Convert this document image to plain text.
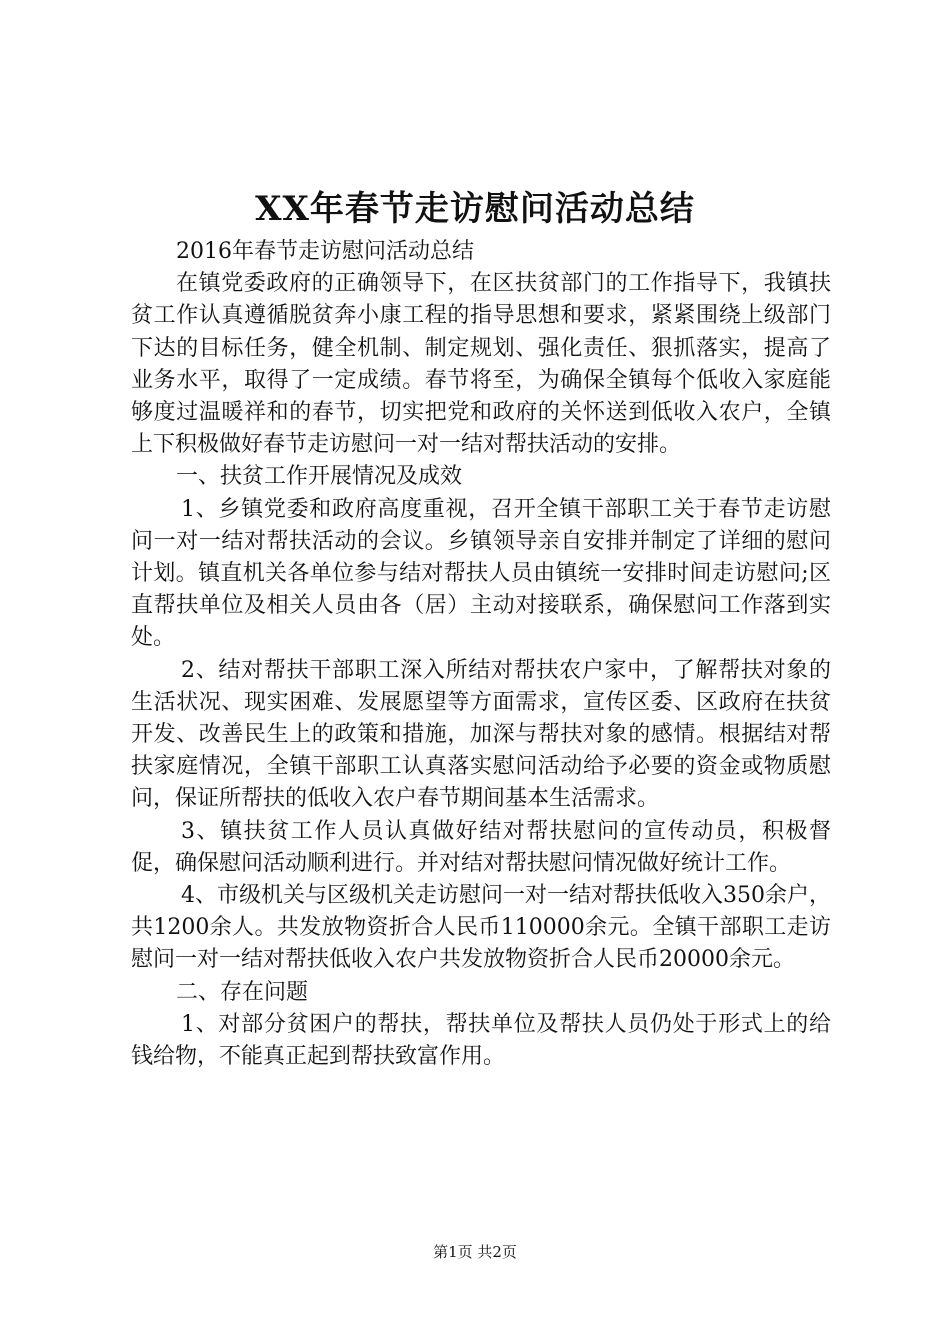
XX年春节走访慰问活动总结

2016年春节走访慰问活动总结

在镇党委政府的正确领导下，在区扶贫部门的工作指导下，我镇扶贫工作认真遵循脱贫奔小康工程的指导思想和要求，紧紧围绕上级部门下达的目标任务，健全机制、制定规划、强化责任、狠抓落实，提高了业务水平，取得了一定成绩。春节将至，为确保全镇每个低收入家庭能够度过温暖祥和的春节，切实把党和政府的关怀送到低收入农户，全镇上下积极做好春节走访慰问一对一结对帮扶活动的安排。

一、扶贫工作开展情况及成效

1、乡镇党委和政府高度重视，召开全镇干部职工关于春节走访慰问一对一结对帮扶活动的会议。乡镇领导亲自安排并制定了详细的慰问计划。镇直机关各单位参与结对帮扶人员由镇统一安排时间走访慰问;区直帮扶单位及相关人员由各（居）主动对接联系，确保慰问工作落到实处。

2、结对帮扶干部职工深入所结对帮扶农户家中，了解帮扶对象的生活状况、现实困难、发展愿望等方面需求，宣传区委、区政府在扶贫开发、改善民生上的政策和措施，加深与帮扶对象的感情。根据结对帮扶家庭情况，全镇干部职工认真落实慰问活动给予必要的资金或物质慰问，保证所帮扶的低收入农户春节期间基本生活需求。

3、镇扶贫工作人员认真做好结对帮扶慰问的宣传动员，积极督促，确保慰问活动顺利进行。并对结对帮扶慰问情况做好统计工作。

4、市级机关与区级机关走访慰问一对一结对帮扶低收入350余户，共1200余人。共发放物资折合人民币110000余元。全镇干部职工走访慰问一对一结对帮扶低收入农户共发放物资折合人民币20000余元。

二、存在问题

1、对部分贫困户的帮扶，帮扶单位及帮扶人员仍处于形式上的给钱给物，不能真正起到帮扶致富作用。

第1页 共2页
